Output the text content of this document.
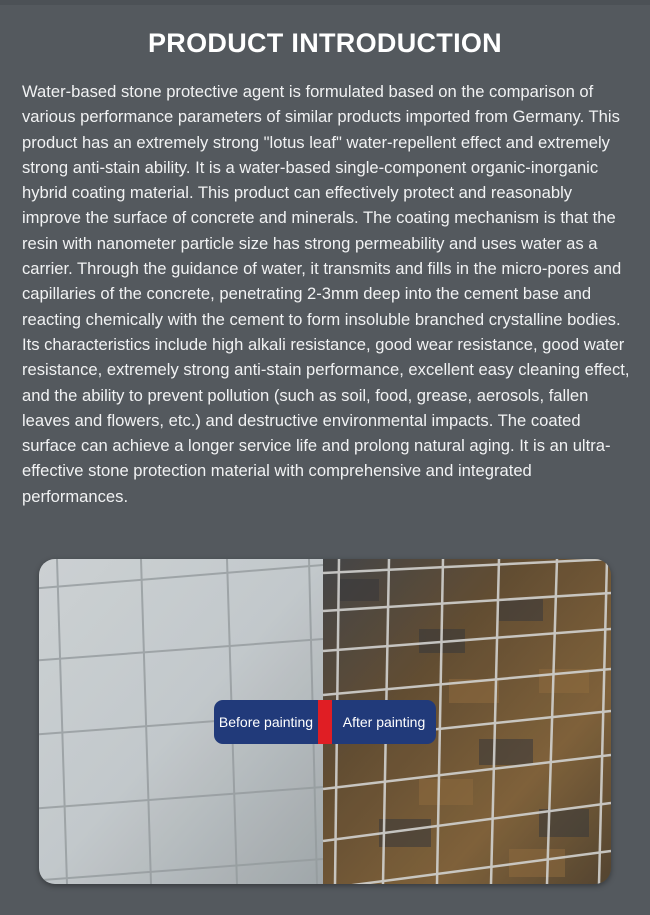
PRODUCT INTRODUCTION

Water-based stone protective agent is formulated based on the comparison of various performance parameters of similar products imported from Germany. This product has an extremely strong "lotus leaf" water-repellent effect and extremely strong anti-stain ability. It is a water-based single-component organic-inorganic hybrid coating material. This product can effectively protect and reasonably improve the surface of concrete and minerals. The coating mechanism is that the resin with nanometer particle size has strong permeability and uses water as a carrier. Through the guidance of water, it transmits and fills in the micro-pores and capillaries of the concrete, penetrating 2-3mm deep into the cement base and reacting chemically with the cement to form insoluble branched crystalline bodies. Its characteristics include high alkali resistance, good wear resistance, good water resistance, extremely strong anti-stain performance, excellent easy cleaning effect, and the ability to prevent pollution (such as soil, food, grease, aerosols, fallen leaves and flowers, etc.) and destructive environmental impacts. The coated surface can achieve a longer service life and prolong natural aging. It is an ultra-effective stone protection material with comprehensive and integrated performances.

Before painting	After painting
